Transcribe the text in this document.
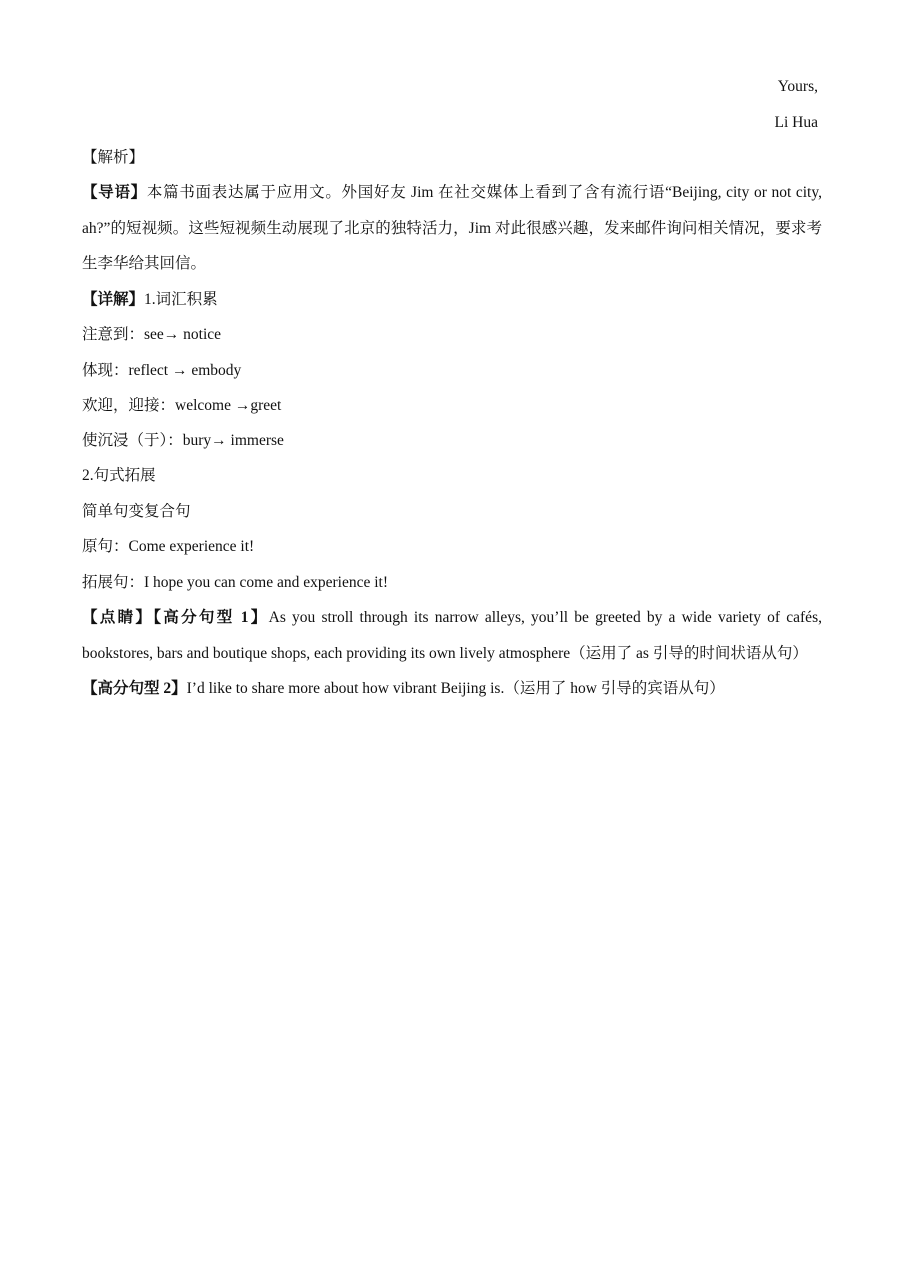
Yours,
Li Hua
【解析】
【导语】本篇书面表达属于应用文。外国好友 Jim 在社交媒体上看到了含有流行语“Beijing, city or not city, ah?”的短视频。这些短视频生动展现了北京的独特活力，Jim 对此很感兴趣，发来邮件询问相关情况，要求考生李华给其回信。
【详解】1.词汇积累
注意到：see→ notice
体现：reflect → embody
欢迎，迎接：welcome →greet
使沉浸（于）：bury→ immerse
2.句式拓展
简单句变复合句
原句：Come experience it!
拓展句：I hope you can come and experience it!
【点睛】【高分句型 1】As you stroll through its narrow alleys, you’ll be greeted by a wide variety of cafés, bookstores, bars and boutique shops, each providing its own lively atmosphere（运用了 as 引导的时间状语从句）
【高分句型 2】I’d like to share more about how vibrant Beijing is.（运用了 how 引导的宾语从句）
